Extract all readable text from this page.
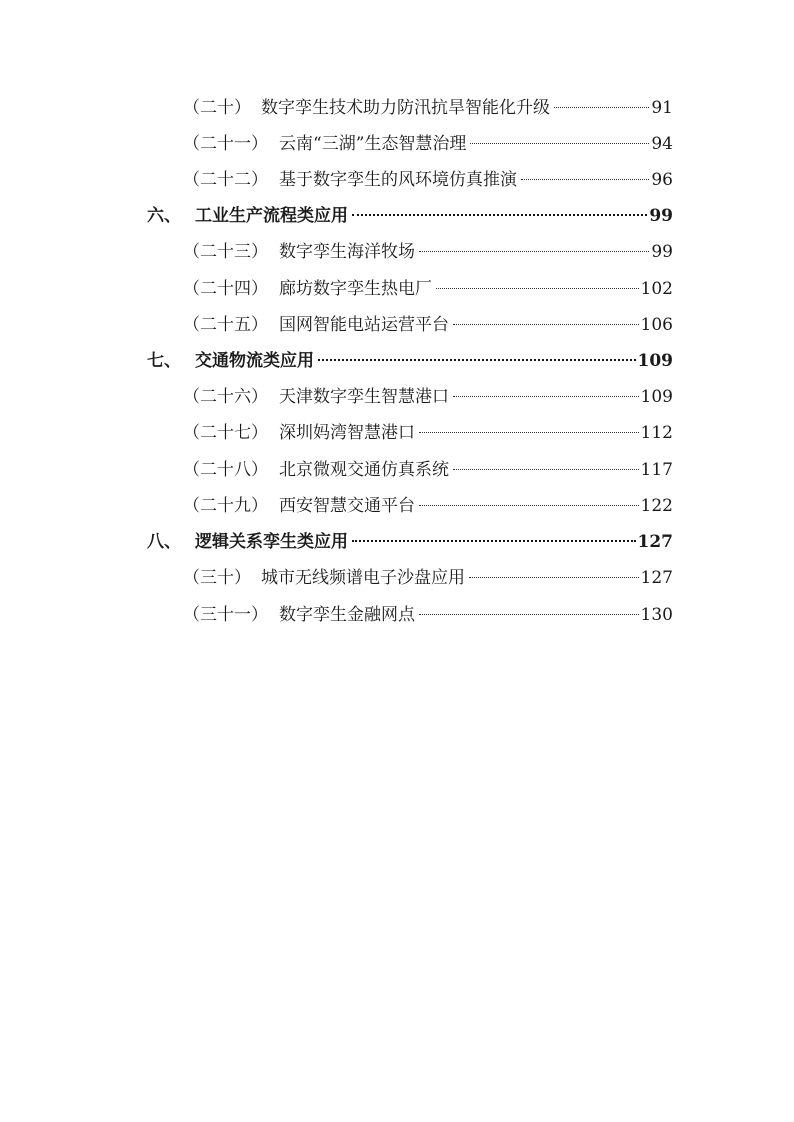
（二十） 数字孪生技术助力防汛抗旱智能化升级	91
（二十一） 云南“三湖”生态智慧治理	94
（二十二） 基于数字孪生的风环境仿真推演	96
六、 工业生产流程类应用	99
（二十三） 数字孪生海洋牧场	99
（二十四） 廊坊数字孪生热电厂	102
（二十五） 国网智能电站运营平台	106
七、 交通物流类应用	109
（二十六） 天津数字孪生智慧港口	109
（二十七） 深圳妈湾智慧港口	112
（二十八） 北京微观交通仿真系统	117
（二十九） 西安智慧交通平台	122
八、 逻辑关系孪生类应用	127
（三十） 城市无线频谱电子沙盘应用	127
（三十一） 数字孪生金融网点	130
